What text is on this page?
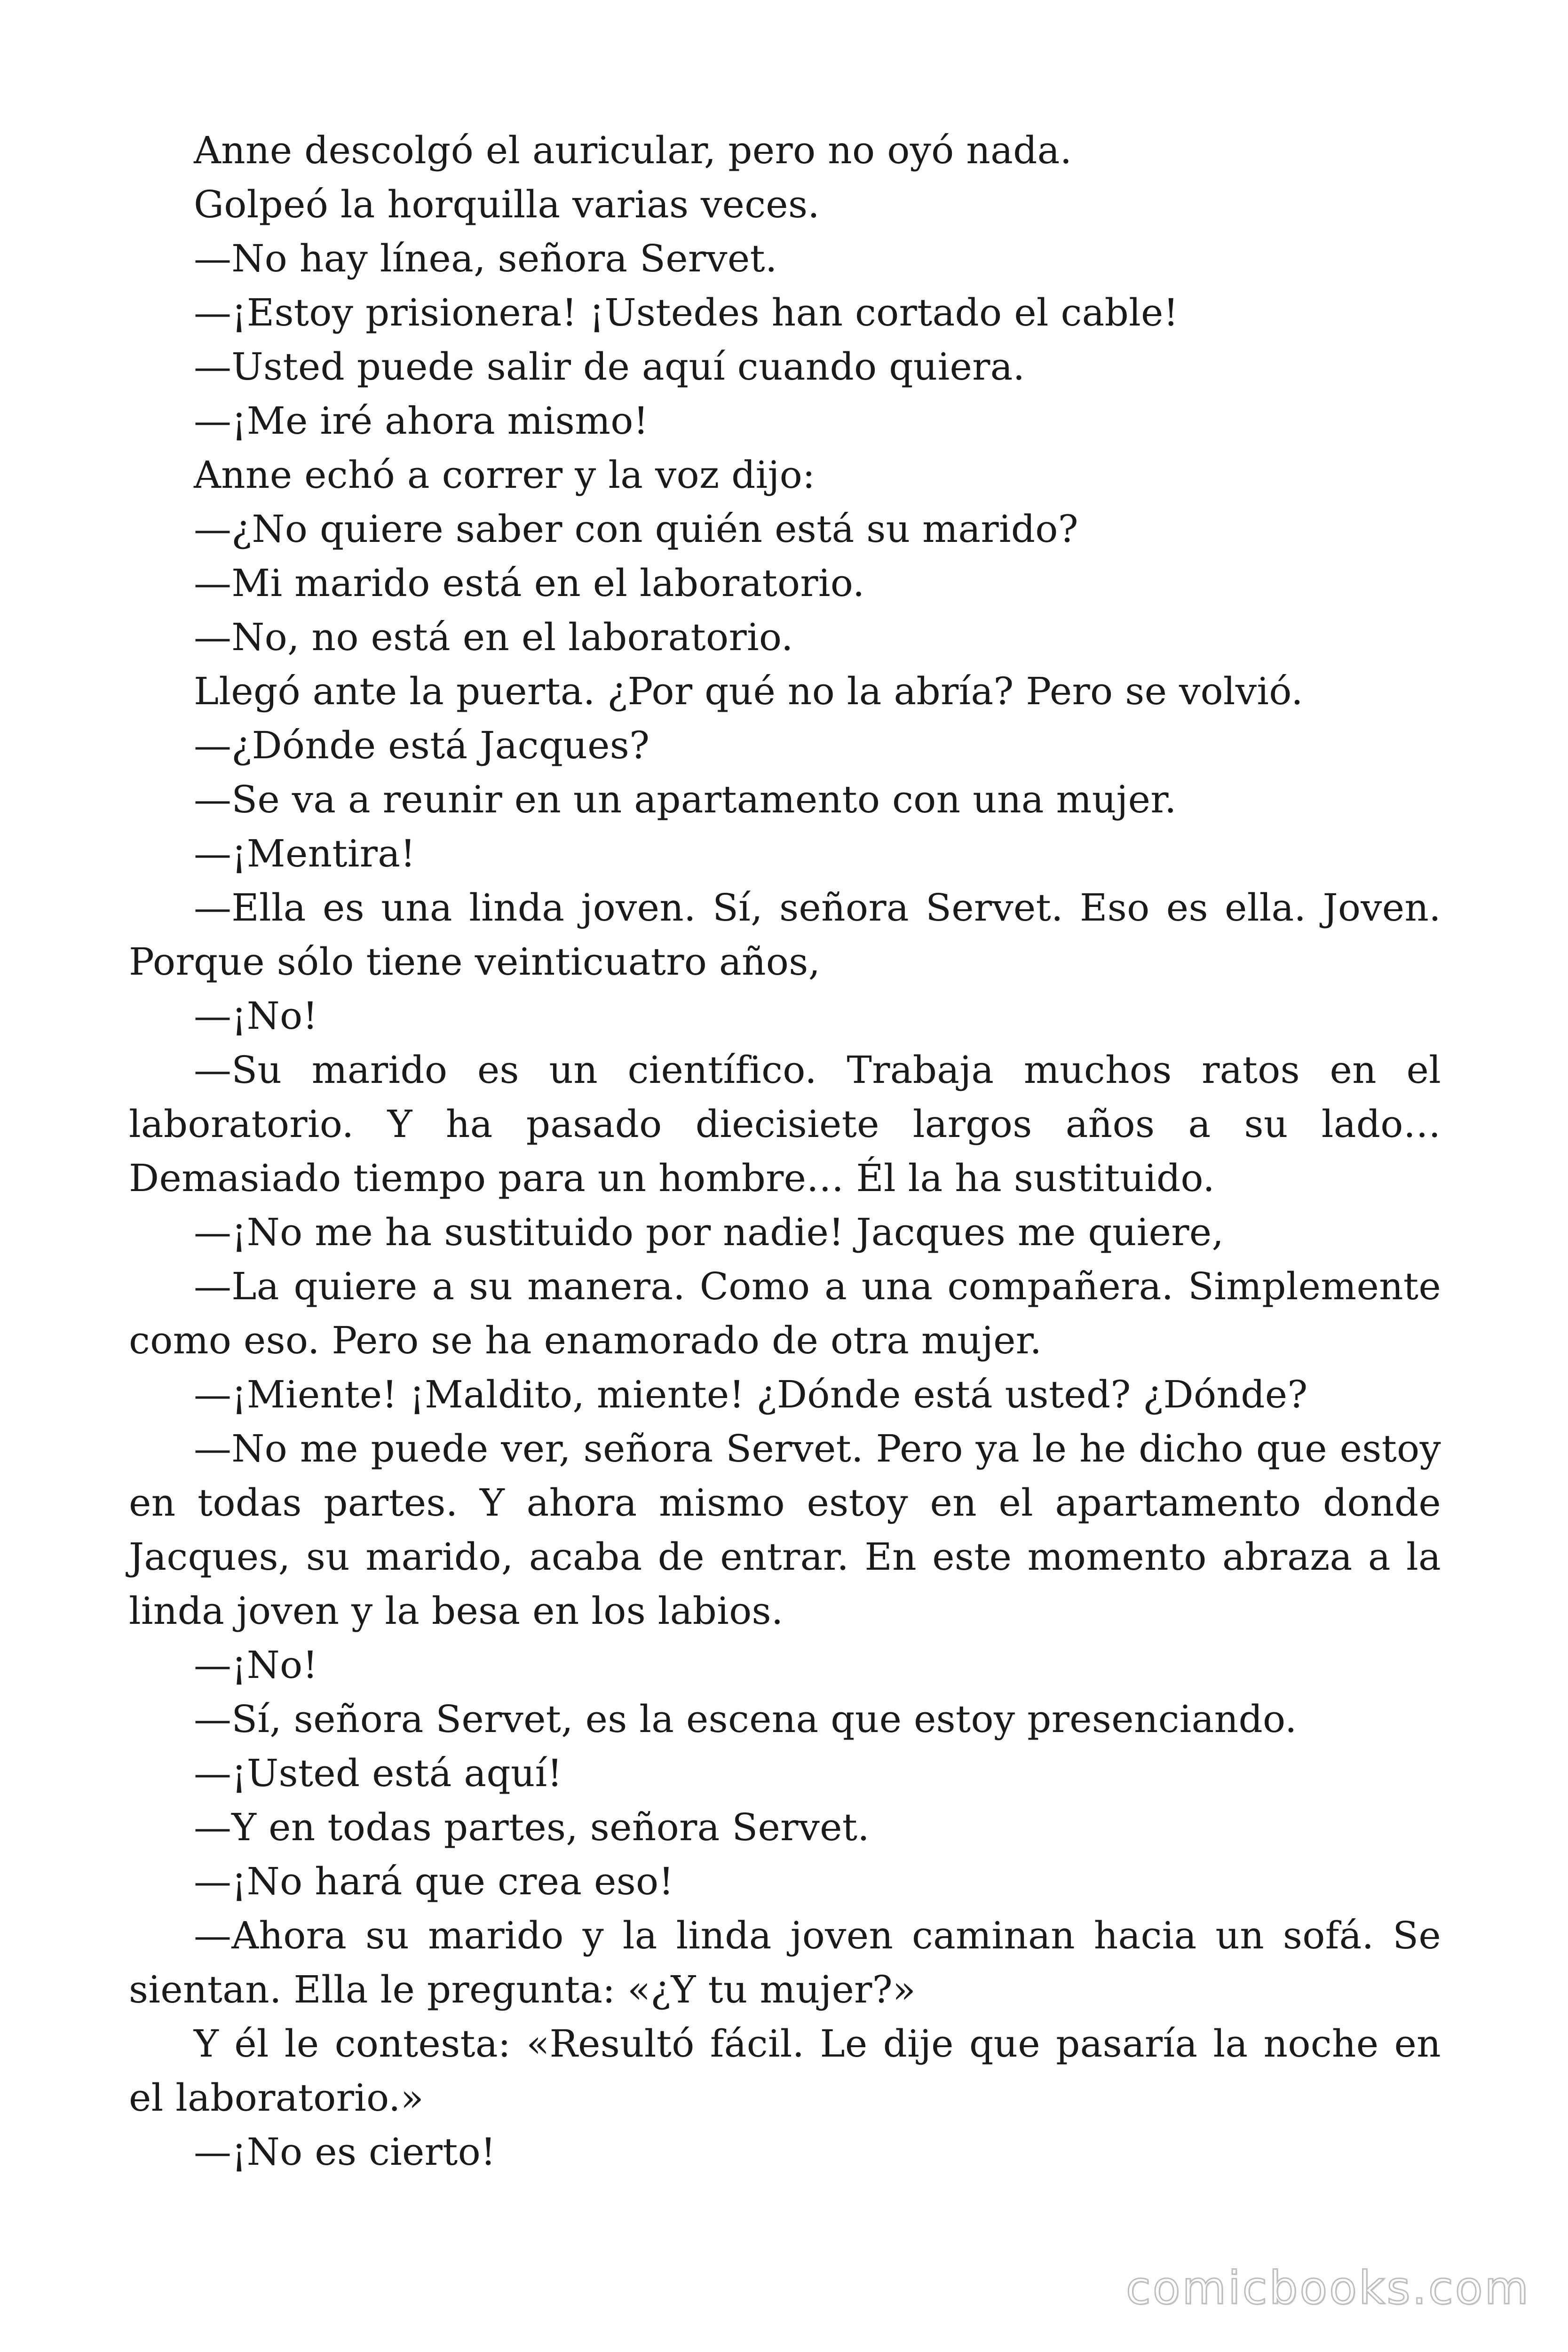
Anne descolgó el auricular, pero no oyó nada.

Golpeó la horquilla varias veces.

—No hay línea, señora Servet.

—¡Estoy prisionera! ¡Ustedes han cortado el cable!

—Usted puede salir de aquí cuando quiera.

—¡Me iré ahora mismo!

Anne echó a correr y la voz dijo:

—¿No quiere saber con quién está su marido?

—Mi marido está en el laboratorio.

—No, no está en el laboratorio.

Llegó ante la puerta. ¿Por qué no la abría? Pero se volvió.

—¿Dónde está Jacques?

—Se va a reunir en un apartamento con una mujer.

—¡Mentira!

—Ella es una linda joven. Sí, señora Servet. Eso es ella. Joven. Porque sólo tiene veinticuatro años,

—¡No!

—Su marido es un científico. Trabaja muchos ratos en el laboratorio. Y ha pasado diecisiete largos años a su lado… Demasiado tiempo para un hombre… Él la ha sustituido.

—¡No me ha sustituido por nadie! Jacques me quiere,

—La quiere a su manera. Como a una compañera. Simplemente como eso. Pero se ha enamorado de otra mujer.

—¡Miente! ¡Maldito, miente! ¿Dónde está usted? ¿Dónde?

—No me puede ver, señora Servet. Pero ya le he dicho que estoy en todas partes. Y ahora mismo estoy en el apartamento donde Jacques, su marido, acaba de entrar. En este momento abraza a la linda joven y la besa en los labios.

—¡No!

—Sí, señora Servet, es la escena que estoy presenciando.

—¡Usted está aquí!

—Y en todas partes, señora Servet.

—¡No hará que crea eso!

—Ahora su marido y la linda joven caminan hacia un sofá. Se sientan. Ella le pregunta: «¿Y tu mujer?»

Y él le contesta: «Resultó fácil. Le dije que pasaría la noche en el laboratorio.»

—¡No es cierto!

comicbooks.com
